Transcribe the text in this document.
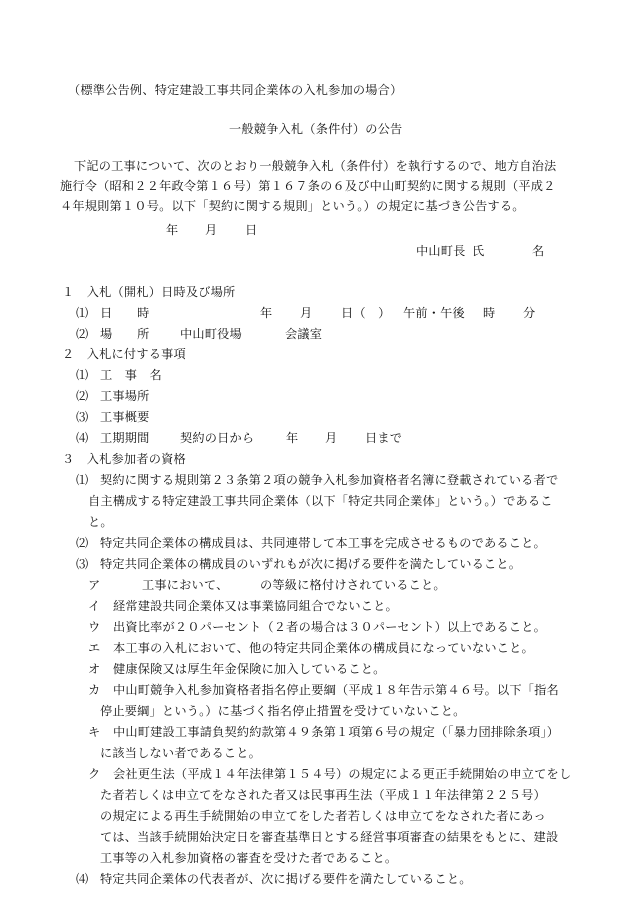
（標準公告例、特定建設工事共同企業体の入札参加の場合）
一般競争入札（条件付）の公告
下記の工事について、次のとおり一般競争入札（条件付）を執行するので、地方自治法
施行令（昭和２２年政令第１６号）第１６７条の６及び中山町契約に関する規則（平成２
４年規則第１０号。以下「契約に関する規則」という。）の規定に基づき公告する。
年 月 日
中山町長 氏	名
１　入札（開札）日時及び場所
⑴ 日　　時	年 月 日（　） 午前・午後 時 分
⑵ 場　　所 中山町役場	会議室
２　入札に付する事項
⑴ 工　事　名
⑵ 工事場所
⑶ 工事概要
⑷ 工期期間 契約の日から	年 月 日まで
３　入札参加者の資格
⑴ 契約に関する規則第２３条第２項の競争入札参加資格者名簿に登載されている者で
自主構成する特定建設工事共同企業体（以下「特定共同企業体」という。）であるこ
と。
⑵ 特定共同企業体の構成員は、共同連帯して本工事を完成させるものであること。
⑶ 特定共同企業体の構成員のいずれもが次に掲げる要件を満たしていること。
ア	工事において、	の等級に格付けされていること。
イ 経常建設共同企業体又は事業協同組合でないこと。
ウ 出資比率が２０パーセント（２者の場合は３０パーセント）以上であること。
エ 本工事の入札において、他の特定共同企業体の構成員になっていないこと。
オ 健康保険又は厚生年金保険に加入していること。
カ 中山町競争入札参加資格者指名停止要綱（平成１８年告示第４６号。以下「指名
停止要綱」という。）に基づく指名停止措置を受けていないこと。
キ 中山町建設工事請負契約約款第４９条第１項第６号の規定（「暴力団排除条項」）
に該当しない者であること。
ク 会社更生法（平成１４年法律第１５４号）の規定による更正手続開始の申立てをし
た者若しくは申立てをなされた者又は民事再生法（平成１１年法律第２２５号）
の規定による再生手続開始の申立てをした者若しくは申立てをなされた者にあっ
ては、当該手続開始決定日を審査基準日とする経営事項審査の結果をもとに、建設
工事等の入札参加資格の審査を受けた者であること。
⑷ 特定共同企業体の代表者が、次に掲げる要件を満たしていること。
